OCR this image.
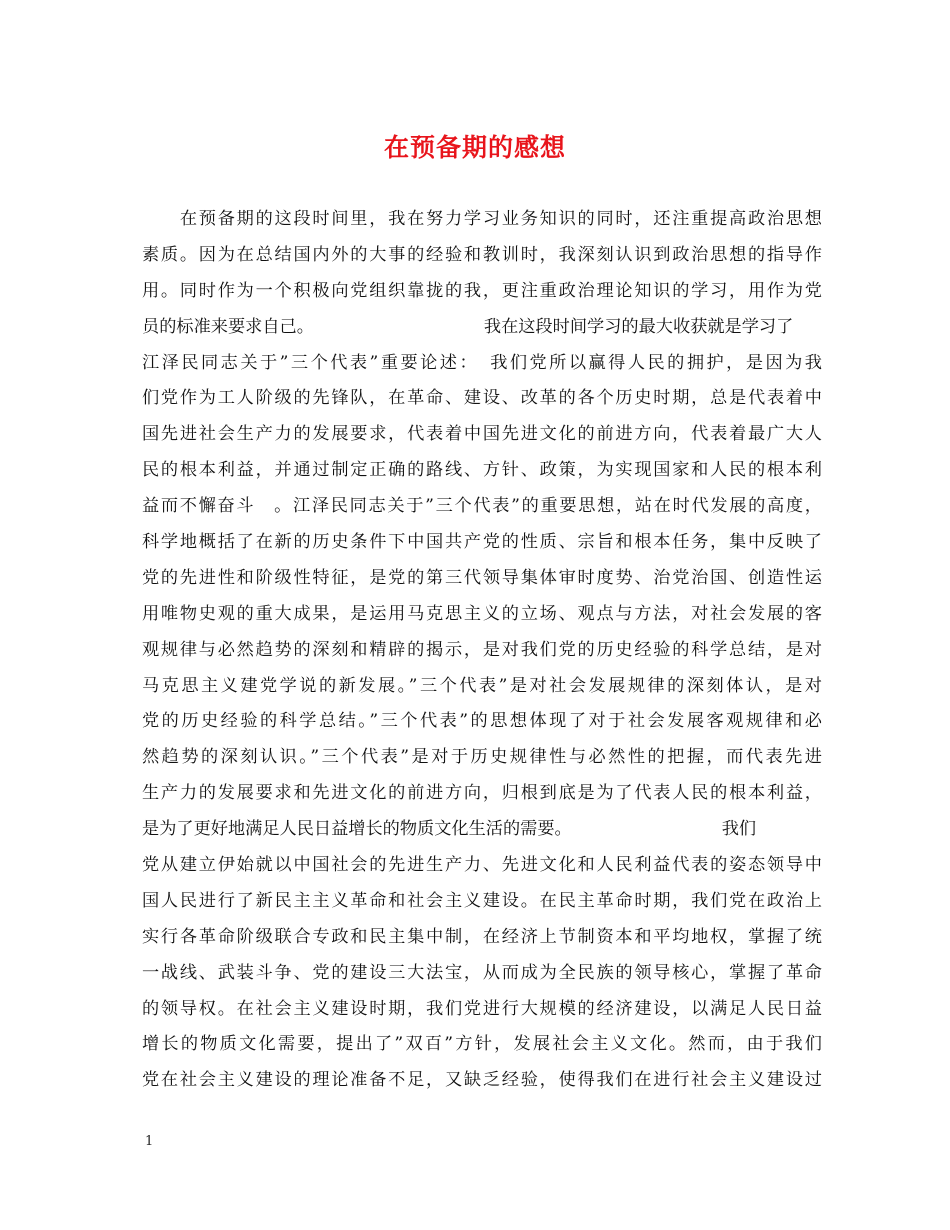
在预备期的感想
　　在预备期的这段时间里，我在努力学习业务知识的同时，还注重提高政治思想
素质。因为在总结国内外的大事的经验和教训时，我深刻认识到政治思想的指导作
用。同时作为一个积极向党组织靠拢的我，更注重政治理论知识的学习，用作为党
员的标准来要求自己。	我在这段时间学习的最大收获就是学习了
江泽民同志关于”三个代表”重要论述：　我们党所以赢得人民的拥护，是因为我
们党作为工人阶级的先锋队，在革命、建设、改革的各个历史时期，总是代表着中
国先进社会生产力的发展要求，代表着中国先进文化的前进方向，代表着最广大人
民的根本利益，并通过制定正确的路线、方针、政策，为实现国家和人民的根本利
益而不懈奋斗　。江泽民同志关于”三个代表”的重要思想，站在时代发展的高度，
科学地概括了在新的历史条件下中国共产党的性质、宗旨和根本任务，集中反映了
党的先进性和阶级性特征，是党的第三代领导集体审时度势、治党治国、创造性运
用唯物史观的重大成果，是运用马克思主义的立场、观点与方法，对社会发展的客
观规律与必然趋势的深刻和精辟的揭示，是对我们党的历史经验的科学总结，是对
马克思主义建党学说的新发展。”三个代表”是对社会发展规律的深刻体认，是对
党的历史经验的科学总结。”三个代表”的思想体现了对于社会发展客观规律和必
然趋势的深刻认识。”三个代表”是对于历史规律性与必然性的把握，而代表先进
生产力的发展要求和先进文化的前进方向，归根到底是为了代表人民的根本利益，
是为了更好地满足人民日益增长的物质文化生活的需要。	我们
党从建立伊始就以中国社会的先进生产力、先进文化和人民利益代表的姿态领导中
国人民进行了新民主主义革命和社会主义建设。在民主革命时期，我们党在政治上
实行各革命阶级联合专政和民主集中制，在经济上节制资本和平均地权，掌握了统
一战线、武装斗争、党的建设三大法宝，从而成为全民族的领导核心，掌握了革命
的领导权。在社会主义建设时期，我们党进行大规模的经济建设，以满足人民日益
增长的物质文化需要，提出了”双百”方针，发展社会主义文化。然而，由于我们
党在社会主义建设的理论准备不足，又缺乏经验，使得我们在进行社会主义建设过
1
